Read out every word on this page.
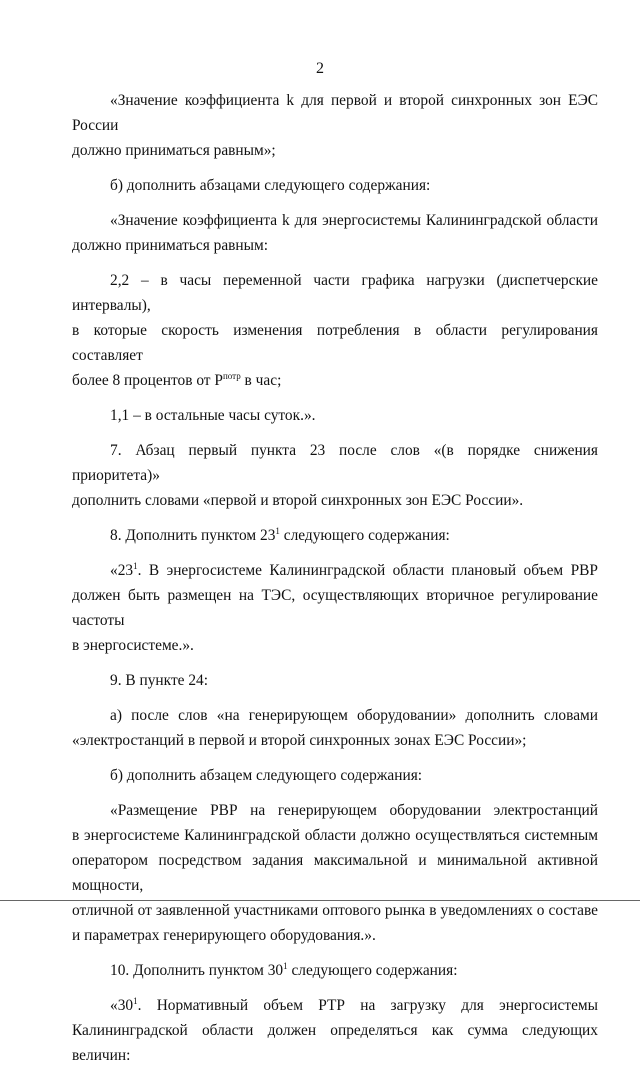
2

«Значение коэффициента k для первой и второй синхронных зон ЕЭС России
должно приниматься равным»;

б) дополнить абзацами следующего содержания:

«Значение коэффициента k для энергосистемы Калининградской области
должно приниматься равным:

2,2 – в часы переменной части графика нагрузки (диспетчерские интервалы),
в которые скорость изменения потребления в области регулирования составляет
более 8 процентов от $P^{потр}$ в час;

1,1 – в остальные часы суток.».

7. Абзац первый пункта 23 после слов «(в порядке снижения приоритета)»
дополнить словами «первой и второй синхронных зон ЕЭС России».

8. Дополнить пунктом $23^1$ следующего содержания:

«$23^1$. В энергосистеме Калининградской области плановый объем РВР
должен быть размещен на ТЭС, осуществляющих вторичное регулирование частоты
в энергосистеме.».

9. В пункте 24:

а) после слов «на генерирующем оборудовании» дополнить словами
«электростанций в первой и второй синхронных зонах ЕЭС России»;

б) дополнить абзацем следующего содержания:

«Размещение РВР на генерирующем оборудовании электростанций
в энергосистеме Калининградской области должно осуществляться системным
оператором посредством задания максимальной и минимальной активной мощности,
отличной от заявленной участниками оптового рынка в уведомлениях о составе
и параметрах генерирующего оборудования.».

10. Дополнить пунктом $30^1$ следующего содержания:

«$30^1$. Нормативный объем РТР на загрузку для энергосистемы
Калининградской области должен определяться как сумма следующих величин:
